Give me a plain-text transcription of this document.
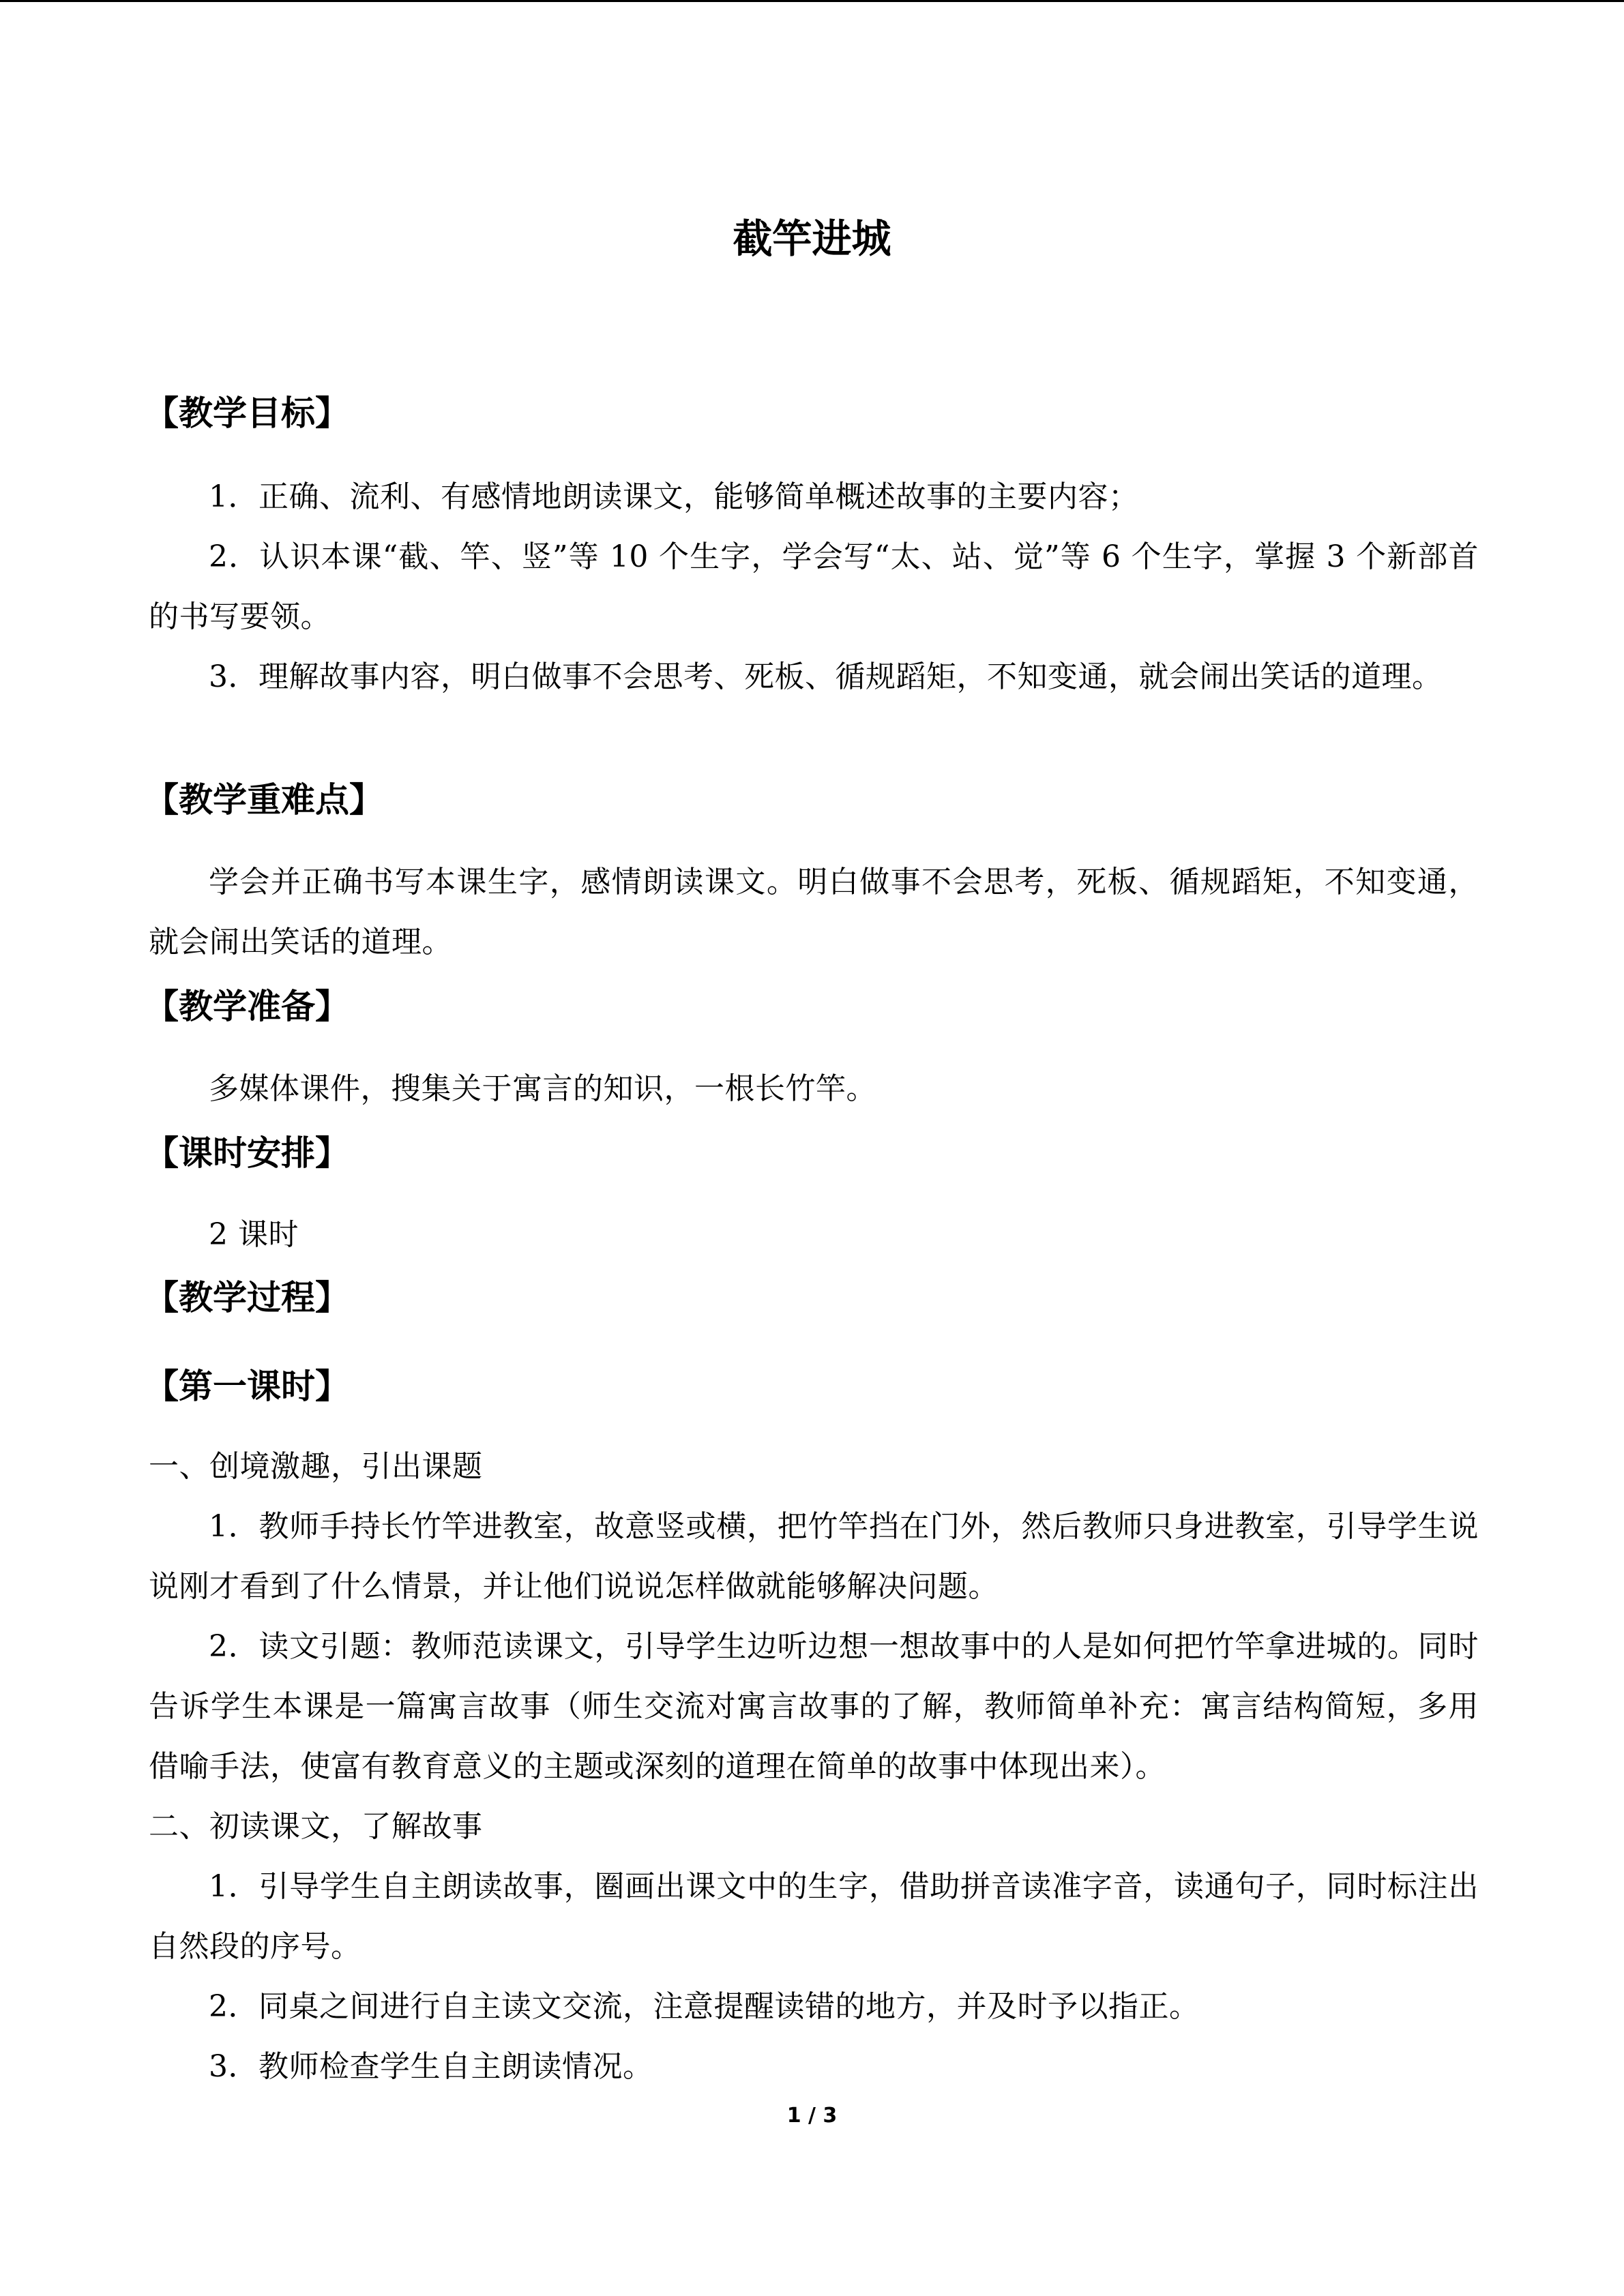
截竿进城
【教学目标】

1．正确、流利、有感情地朗读课文，能够简单概述故事的主要内容；

2．认识本课“截、竿、竖”等 10 个生字，学会写“太、站、觉”等 6 个生字，掌握 3 个新部首的书写要领。

3．理解故事内容，明白做事不会思考、死板、循规蹈矩，不知变通，就会闹出笑话的道理。

【教学重难点】

学会并正确书写本课生字，感情朗读课文。明白做事不会思考，死板、循规蹈矩，不知变通，就会闹出笑话的道理。

【教学准备】

多媒体课件，搜集关于寓言的知识，一根长竹竿。

【课时安排】

2 课时

【教学过程】
【第一课时】

一、创境激趣，引出课题

1．教师手持长竹竿进教室，故意竖或横，把竹竿挡在门外，然后教师只身进教室，引导学生说说刚才看到了什么情景，并让他们说说怎样做就能够解决问题。

2．读文引题：教师范读课文，引导学生边听边想一想故事中的人是如何把竹竿拿进城的。同时告诉学生本课是一篇寓言故事（师生交流对寓言故事的了解，教师简单补充：寓言结构简短，多用借喻手法，使富有教育意义的主题或深刻的道理在简单的故事中体现出来）。

二、初读课文，了解故事

1．引导学生自主朗读故事，圈画出课文中的生字，借助拼音读准字音，读通句子，同时标注出自然段的序号。

2．同桌之间进行自主读文交流，注意提醒读错的地方，并及时予以指正。

3．教师检查学生自主朗读情况。

1 / 3
